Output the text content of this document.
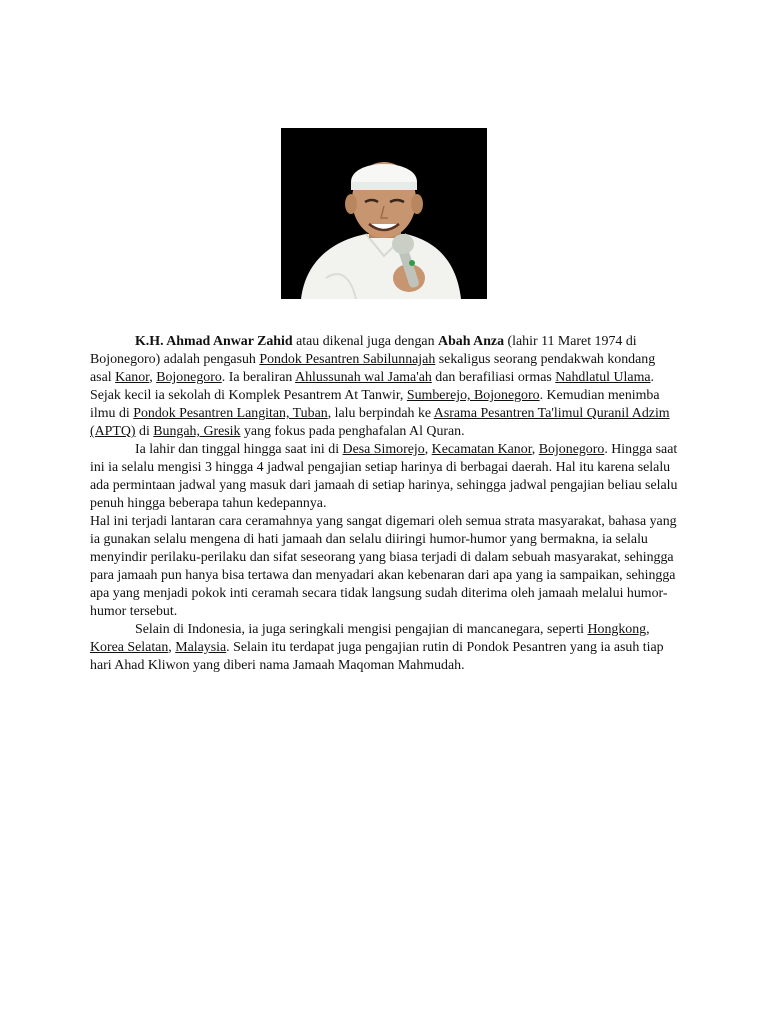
K.H. Ahmad Anwar Zahid atau dikenal juga dengan Abah Anza (lahir 11 Maret 1974 di Bojonegoro) adalah pengasuh Pondok Pesantren Sabilunnajah sekaligus seorang pendakwah kondang asal Kanor, Bojonegoro. Ia beraliran Ahlussunah wal Jama'ah dan berafiliasi ormas Nahdlatul Ulama. Sejak kecil ia sekolah di Komplek Pesantrem At Tanwir, Sumberejo, Bojonegoro. Kemudian menimba ilmu di Pondok Pesantren Langitan, Tuban, lalu berpindah ke Asrama Pesantren Ta'limul Quranil Adzim (APTQ) di Bungah, Gresik yang fokus pada penghafalan Al Quran.

Ia lahir dan tinggal hingga saat ini di Desa Simorejo, Kecamatan Kanor, Bojonegoro. Hingga saat ini ia selalu mengisi 3 hingga 4 jadwal pengajian setiap harinya di berbagai daerah. Hal itu karena selalu ada permintaan jadwal yang masuk dari jamaah di setiap harinya, sehingga jadwal pengajian beliau selalu penuh hingga beberapa tahun kedepannya.

Hal ini terjadi lantaran cara ceramahnya yang sangat digemari oleh semua strata masyarakat, bahasa yang ia gunakan selalu mengena di hati jamaah dan selalu diiringi humor-humor yang bermakna, ia selalu menyindir perilaku-perilaku dan sifat seseorang yang biasa terjadi di dalam sebuah masyarakat, sehingga para jamaah pun hanya bisa tertawa dan menyadari akan kebenaran dari apa yang ia sampaikan, sehingga apa yang menjadi pokok inti ceramah secara tidak langsung sudah diterima oleh jamaah melalui humor-humor tersebut.

Selain di Indonesia, ia juga seringkali mengisi pengajian di mancanegara, seperti Hongkong, Korea Selatan, Malaysia. Selain itu terdapat juga pengajian rutin di Pondok Pesantren yang ia asuh tiap hari Ahad Kliwon yang diberi nama Jamaah Maqoman Mahmudah.
